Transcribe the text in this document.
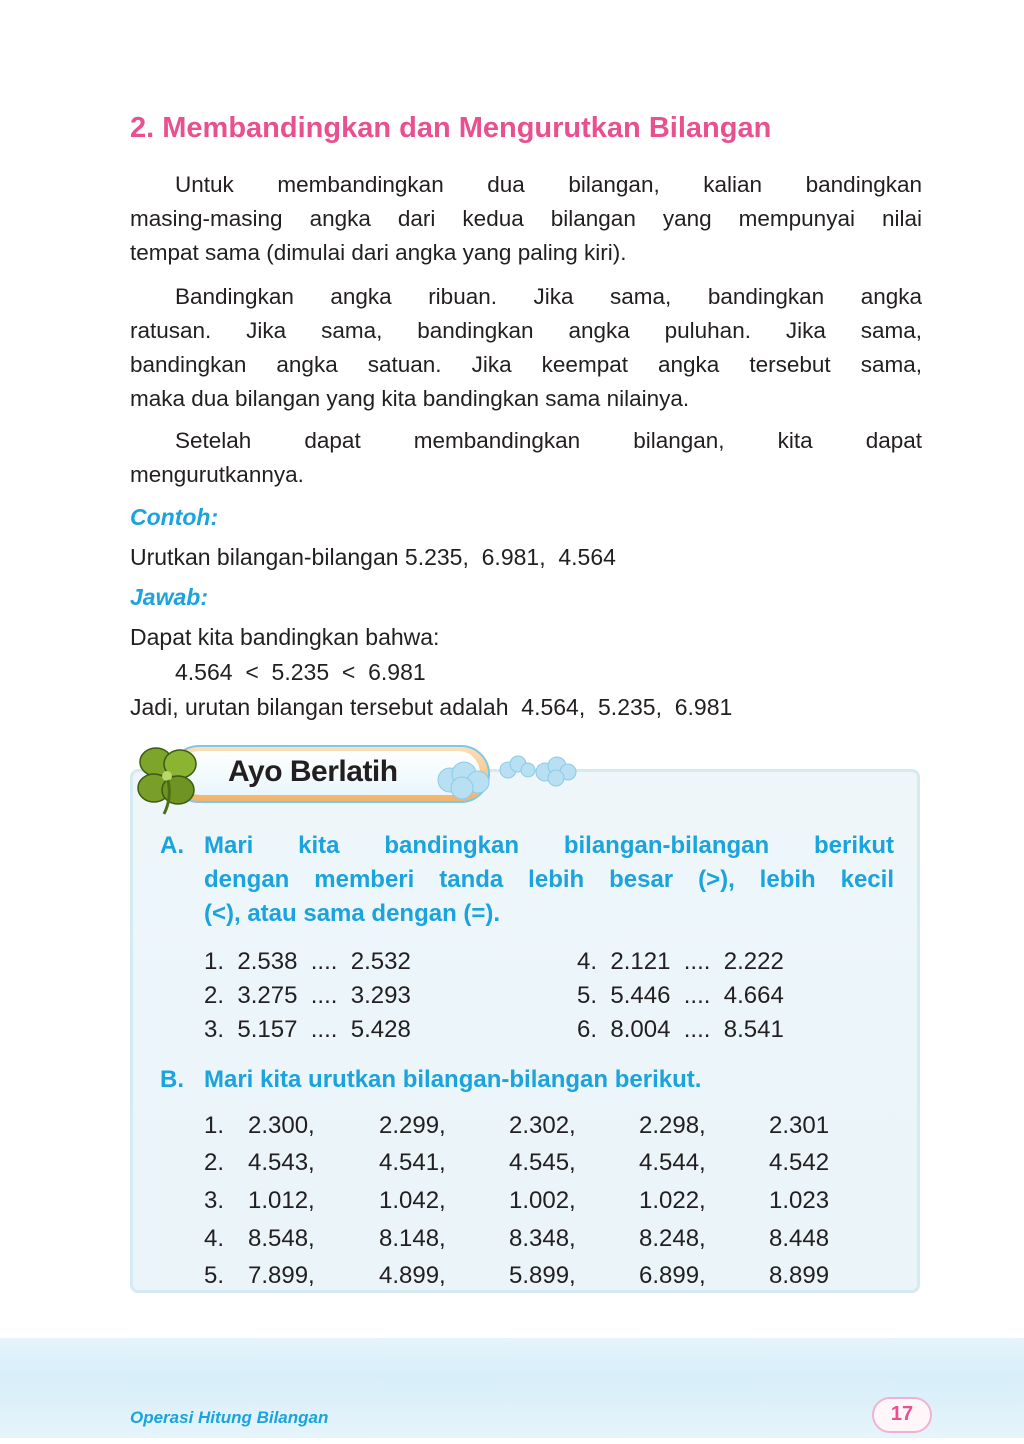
2. Membandingkan dan Mengurutkan Bilangan
Untuk membandingkan dua bilangan, kalian bandingkan
masing-masing angka dari kedua bilangan yang mempunyai nilai
tempat sama (dimulai dari angka yang paling kiri).
Bandingkan angka ribuan. Jika sama, bandingkan angka
ratusan. Jika sama, bandingkan angka puluhan. Jika sama,
bandingkan angka satuan. Jika keempat angka tersebut sama,
maka dua bilangan yang kita bandingkan sama nilainya.
Setelah dapat membandingkan bilangan, kita dapat
mengurutkannya.
Contoh:
Urutkan bilangan-bilangan 5.235,  6.981,  4.564
Jawab:
Dapat kita bandingkan bahwa:
4.564  <  5.235  <  6.981
Jadi, urutan bilangan tersebut adalah  4.564,  5.235,  6.981
Ayo Berlatih
A. Mari kita bandingkan bilangan-bilangan berikut
dengan memberi tanda lebih besar (>), lebih kecil
(<), atau sama dengan (=).
1. 2.538 .... 2.532
2. 3.275 .... 3.293
3. 5.157 .... 5.428
4. 2.121 .... 2.222
5. 5.446 .... 4.664
6. 8.004 .... 8.541
B. Mari kita urutkan bilangan-bilangan berikut.
1. 2.300,	2.299,	2.302,	2.298,	2.301
2. 4.543,	4.541,	4.545,	4.544,	4.542
3. 1.012,	1.042,	1.002,	1.022,	1.023
4. 8.548,	8.148,	8.348,	8.248,	8.448
5. 7.899,	4.899,	5.899,	6.899,	8.899
Operasi Hitung Bilangan	17
